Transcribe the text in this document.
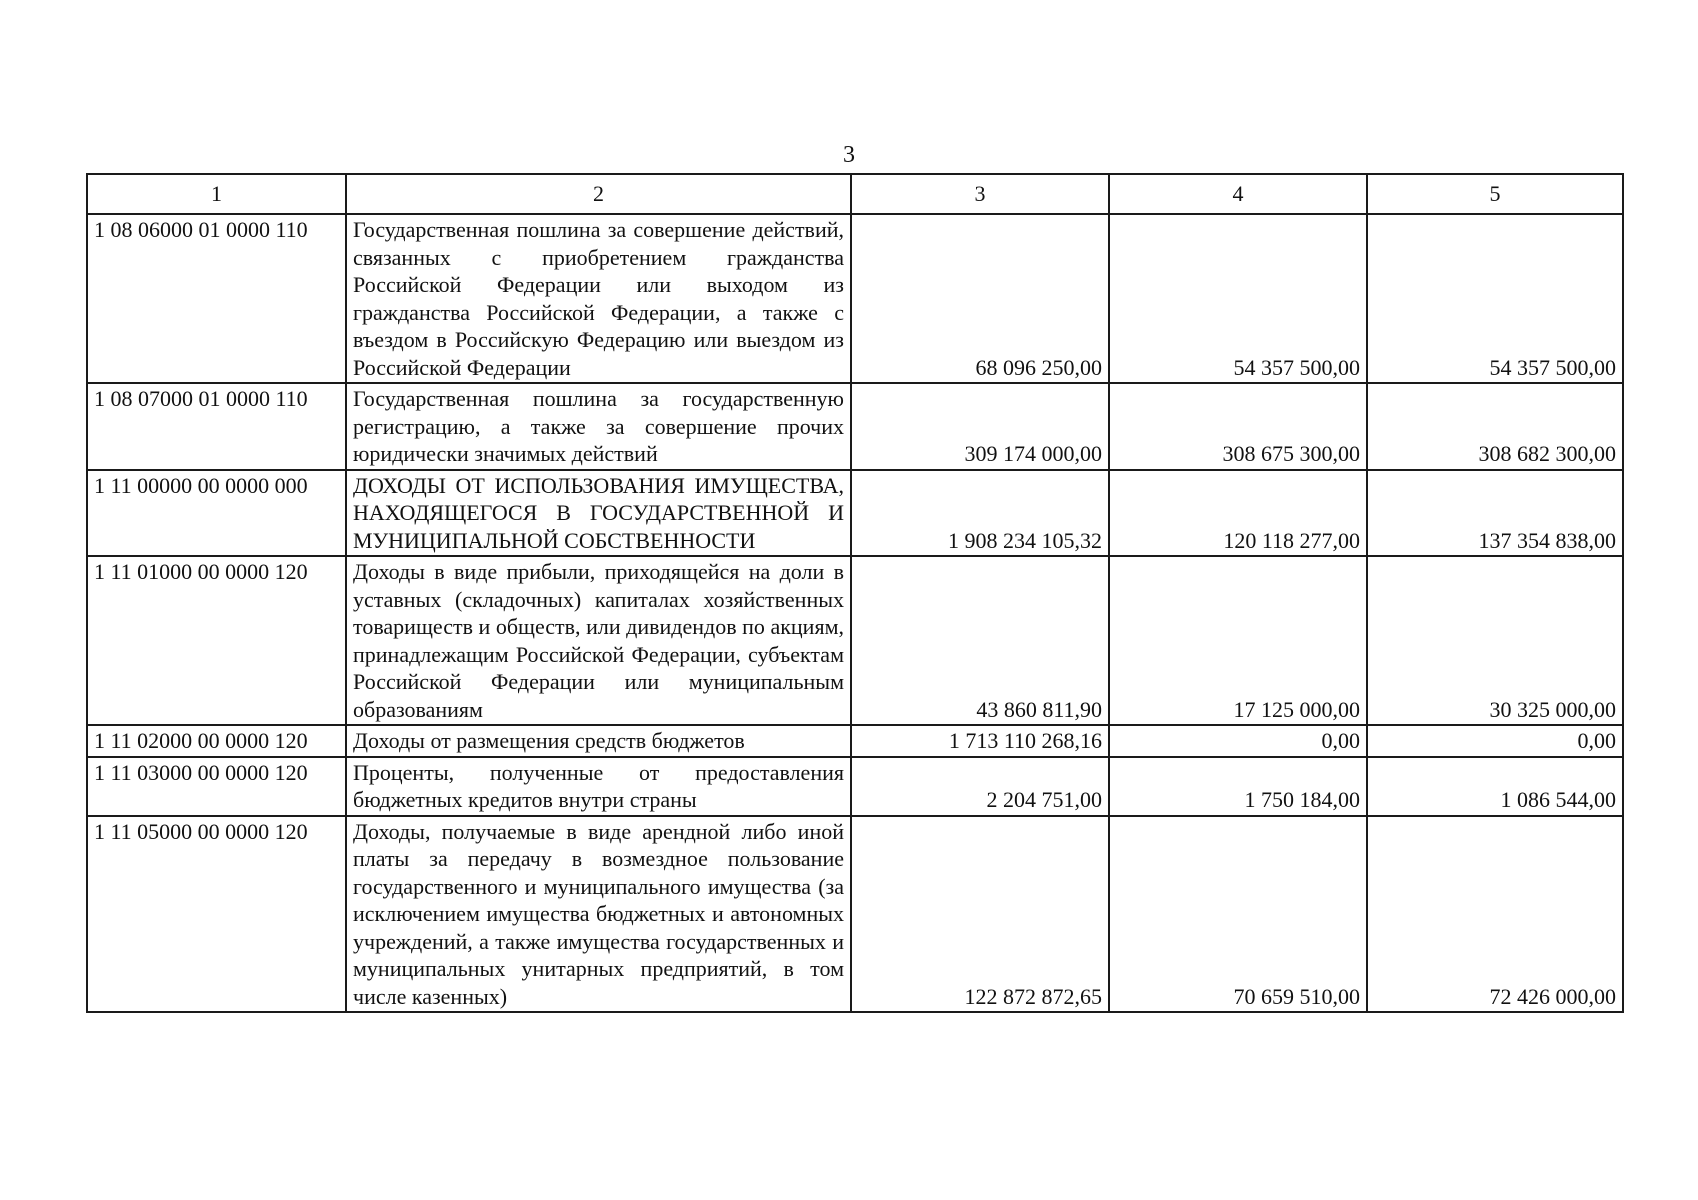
3
1	2	3	4	5
1 08 06000 01 0000 110	Государственная пошлина за совершение действий, связанных с приобретением гражданства Российской Федерации или выходом из гражданства Российской Федерации, а также с въездом в Российскую Федерацию или выездом из Российской Федерации	68 096 250,00	54 357 500,00	54 357 500,00
1 08 07000 01 0000 110	Государственная пошлина за государственную регистрацию, а также за совершение прочих юридически значимых действий	309 174 000,00	308 675 300,00	308 682 300,00
1 11 00000 00 0000 000	ДОХОДЫ ОТ ИСПОЛЬЗОВАНИЯ ИМУЩЕСТВА, НАХОДЯЩЕГОСЯ В ГОСУДАРСТВЕННОЙ И МУНИЦИПАЛЬНОЙ СОБСТВЕННОСТИ	1 908 234 105,32	120 118 277,00	137 354 838,00
1 11 01000 00 0000 120	Доходы в виде прибыли, приходящейся на доли в уставных (складочных) капиталах хозяйственных товариществ и обществ, или дивидендов по акциям, принадлежащим Российской Федерации, субъектам Российской Федерации или муниципальным образованиям	43 860 811,90	17 125 000,00	30 325 000,00
1 11 02000 00 0000 120	Доходы от размещения средств бюджетов	1 713 110 268,16	0,00	0,00
1 11 03000 00 0000 120	Проценты, полученные от предоставления бюджетных кредитов внутри страны	2 204 751,00	1 750 184,00	1 086 544,00
1 11 05000 00 0000 120	Доходы, получаемые в виде арендной либо иной платы за передачу в возмездное пользование государственного и муниципального имущества (за исключением имущества бюджетных и автономных учреждений, а также имущества государственных и муниципальных унитарных предприятий, в том числе казенных)	122 872 872,65	70 659 510,00	72 426 000,00
